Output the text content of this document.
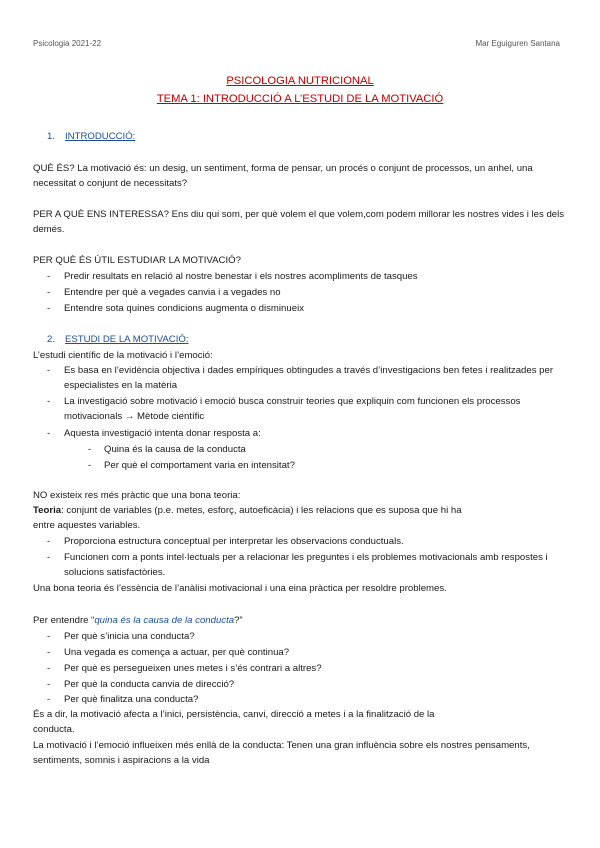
Psicologia 2021-22	Mar Eguiguren Santana
PSICOLOGIA NUTRICIONAL
TEMA 1: INTRODUCCIÓ A L’ESTUDI DE LA MOTIVACIÓ
1. INTRODUCCIÓ:
QUÈ ÉS? La motivació és: un desig, un sentiment, forma de pensar, un procés o conjunt de processos, un anhel, una necessitat o conjunt de necessitats?
PER A QUÈ ENS INTERESSA? Ens diu qui som, per què volem el que volem,com podem millorar les nostres vides i les dels demés.
PER QUÈ ÉS ÚTIL ESTUDIAR LA MOTIVACIÓ?
- Predir resultats en relació al nostre benestar i els nostres acompliments de tasques
- Entendre per què a vegades canvia i a vegades no
- Entendre sota quines condicions augmenta o disminueix
2. ESTUDI DE LA MOTIVACIÓ:
L’estudi científic de la motivació i l’emoció:
- Es basa en l’evidència objectiva i dades empíriques obtingudes a través d’investigacions ben fetes i realitzades per especialistes en la matèria
- La investigació sobre motivació i emoció busca construir teories que expliquin com funcionen els processos motivacionals → Mètode científic
- Aquesta investigació intenta donar resposta a:
- Quina és la causa de la conducta
- Per què el comportament varia en intensitat?
NO existeix res més pràctic que una bona teoria:
Teoria: conjunt de variables (p.e. metes, esforç, autoeficàcia) i les relacions que es suposa que hi ha
entre aquestes variables.
- Proporciona estructura conceptual per interpretar les observacions conductuals.
- Funcionen com a ponts intel·lectuals per a relacionar les preguntes i els problemes motivacionals amb respostes i solucions satisfactòries.
Una bona teoria és l’essència de l’anàlisi motivacional i una eina pràctica per resoldre problemes.
Per entendre “quina és la causa de la conducta?”
- Per què s’inicia una conducta?
- Una vegada es comença a actuar, per què continua?
- Per què es persegueixen unes metes i s’és contrari a altres?
- Per què la conducta canvia de direcció?
- Per què finalitza una conducta?
És a dir, la motivació afecta a l’inici, persistència, canvi, direcció a metes i a la finalització de la
conducta.
La motivació i l’emoció influeixen més enllà de la conducta: Tenen una gran influència sobre els nostres pensaments, sentiments, somnis i aspiracions a la vida
